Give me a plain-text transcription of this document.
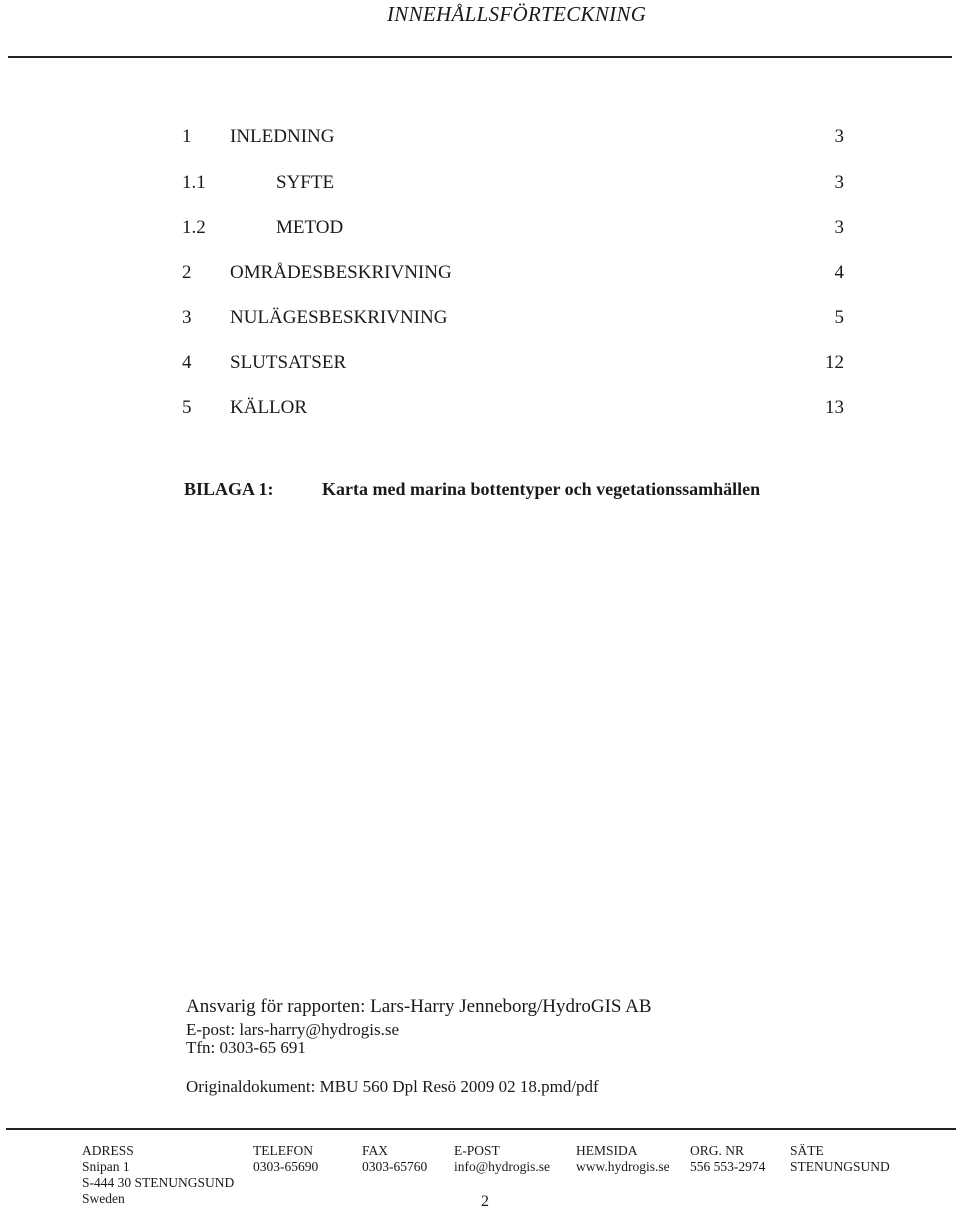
INNEHÅLLSFÖRTECKNING
1 INLEDNING	3
1.1	SYFTE	3
1.2	METOD	3
2 OMRÅDESBESKRIVNING	4
3 NULÄGESBESKRIVNING	5
4 SLUTSATSER	12
5 KÄLLOR	13
BILAGA 1:	Karta med marina bottentyper och vegetationssamhällen
Ansvarig för rapporten: Lars-Harry Jenneborg/HydroGIS AB
E-post: lars-harry@hydrogis.se
Tfn: 0303-65 691
Originaldokument: MBU 560 Dpl Resö 2009 02 18.pmd/pdf
ADRESS
Snipan 1
S-444 30 STENUNGSUND
Sweden
TELEFON
0303-65690
FAX
0303-65760
E-POST
info@hydrogis.se
HEMSIDA
www.hydrogis.se
ORG. NR
556 553-2974
SÄTE
STENUNGSUND
2
